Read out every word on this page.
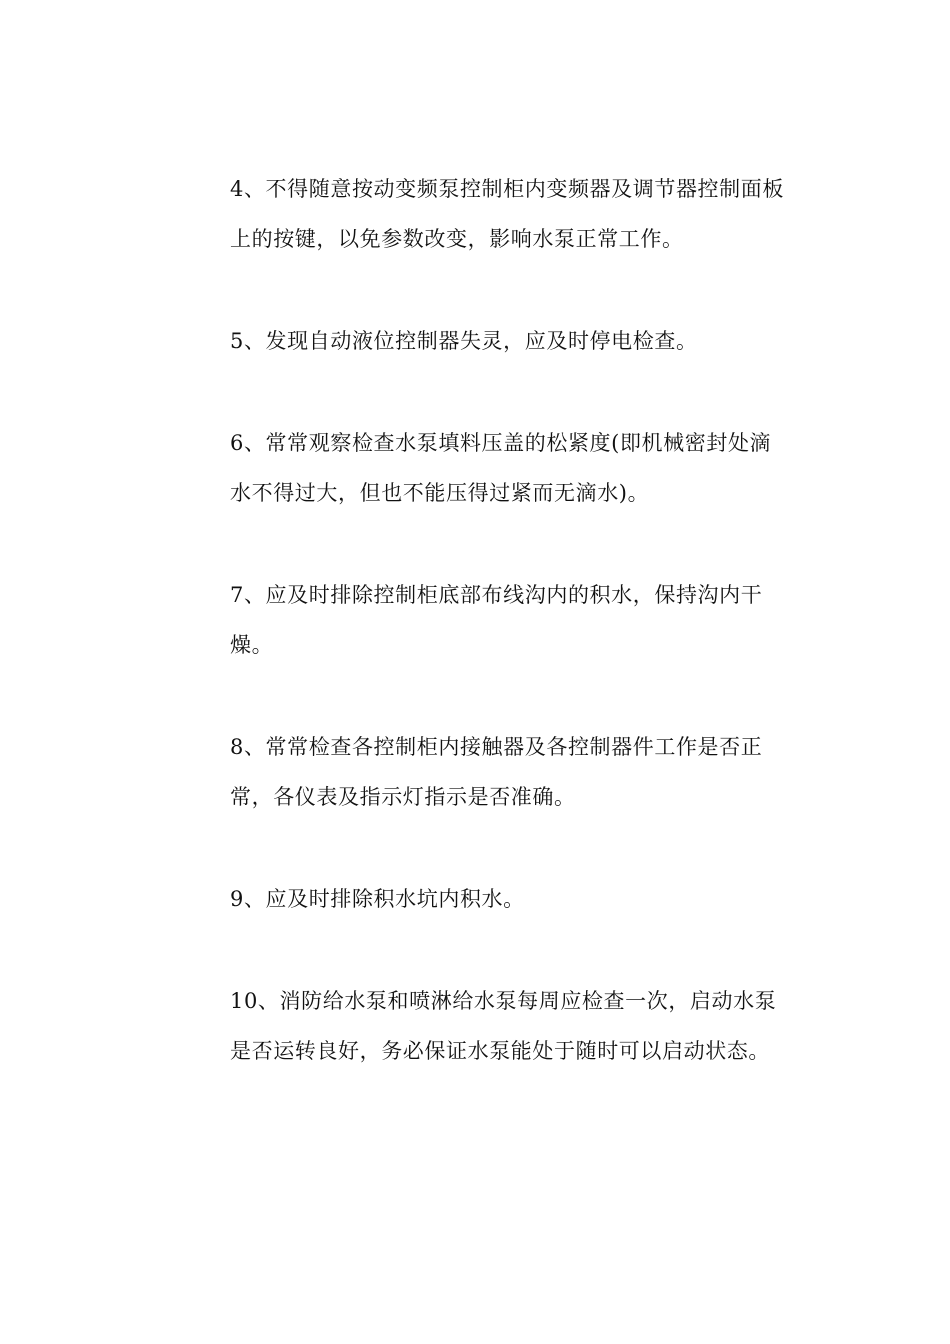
4、不得随意按动变频泵控制柜内变频器及调节器控制面板
上的按键，以免参数改变，影响水泵正常工作。

5、发现自动液位控制器失灵，应及时停电检查。

6、常常观察检查水泵填料压盖的松紧度(即机械密封处滴
水不得过大，但也不能压得过紧而无滴水)。

7、应及时排除控制柜底部布线沟内的积水，保持沟内干
燥。

8、常常检查各控制柜内接触器及各控制器件工作是否正
常，各仪表及指示灯指示是否准确。

9、应及时排除积水坑内积水。

10、消防给水泵和喷淋给水泵每周应检查一次，启动水泵
是否运转良好，务必保证水泵能处于随时可以启动状态。
